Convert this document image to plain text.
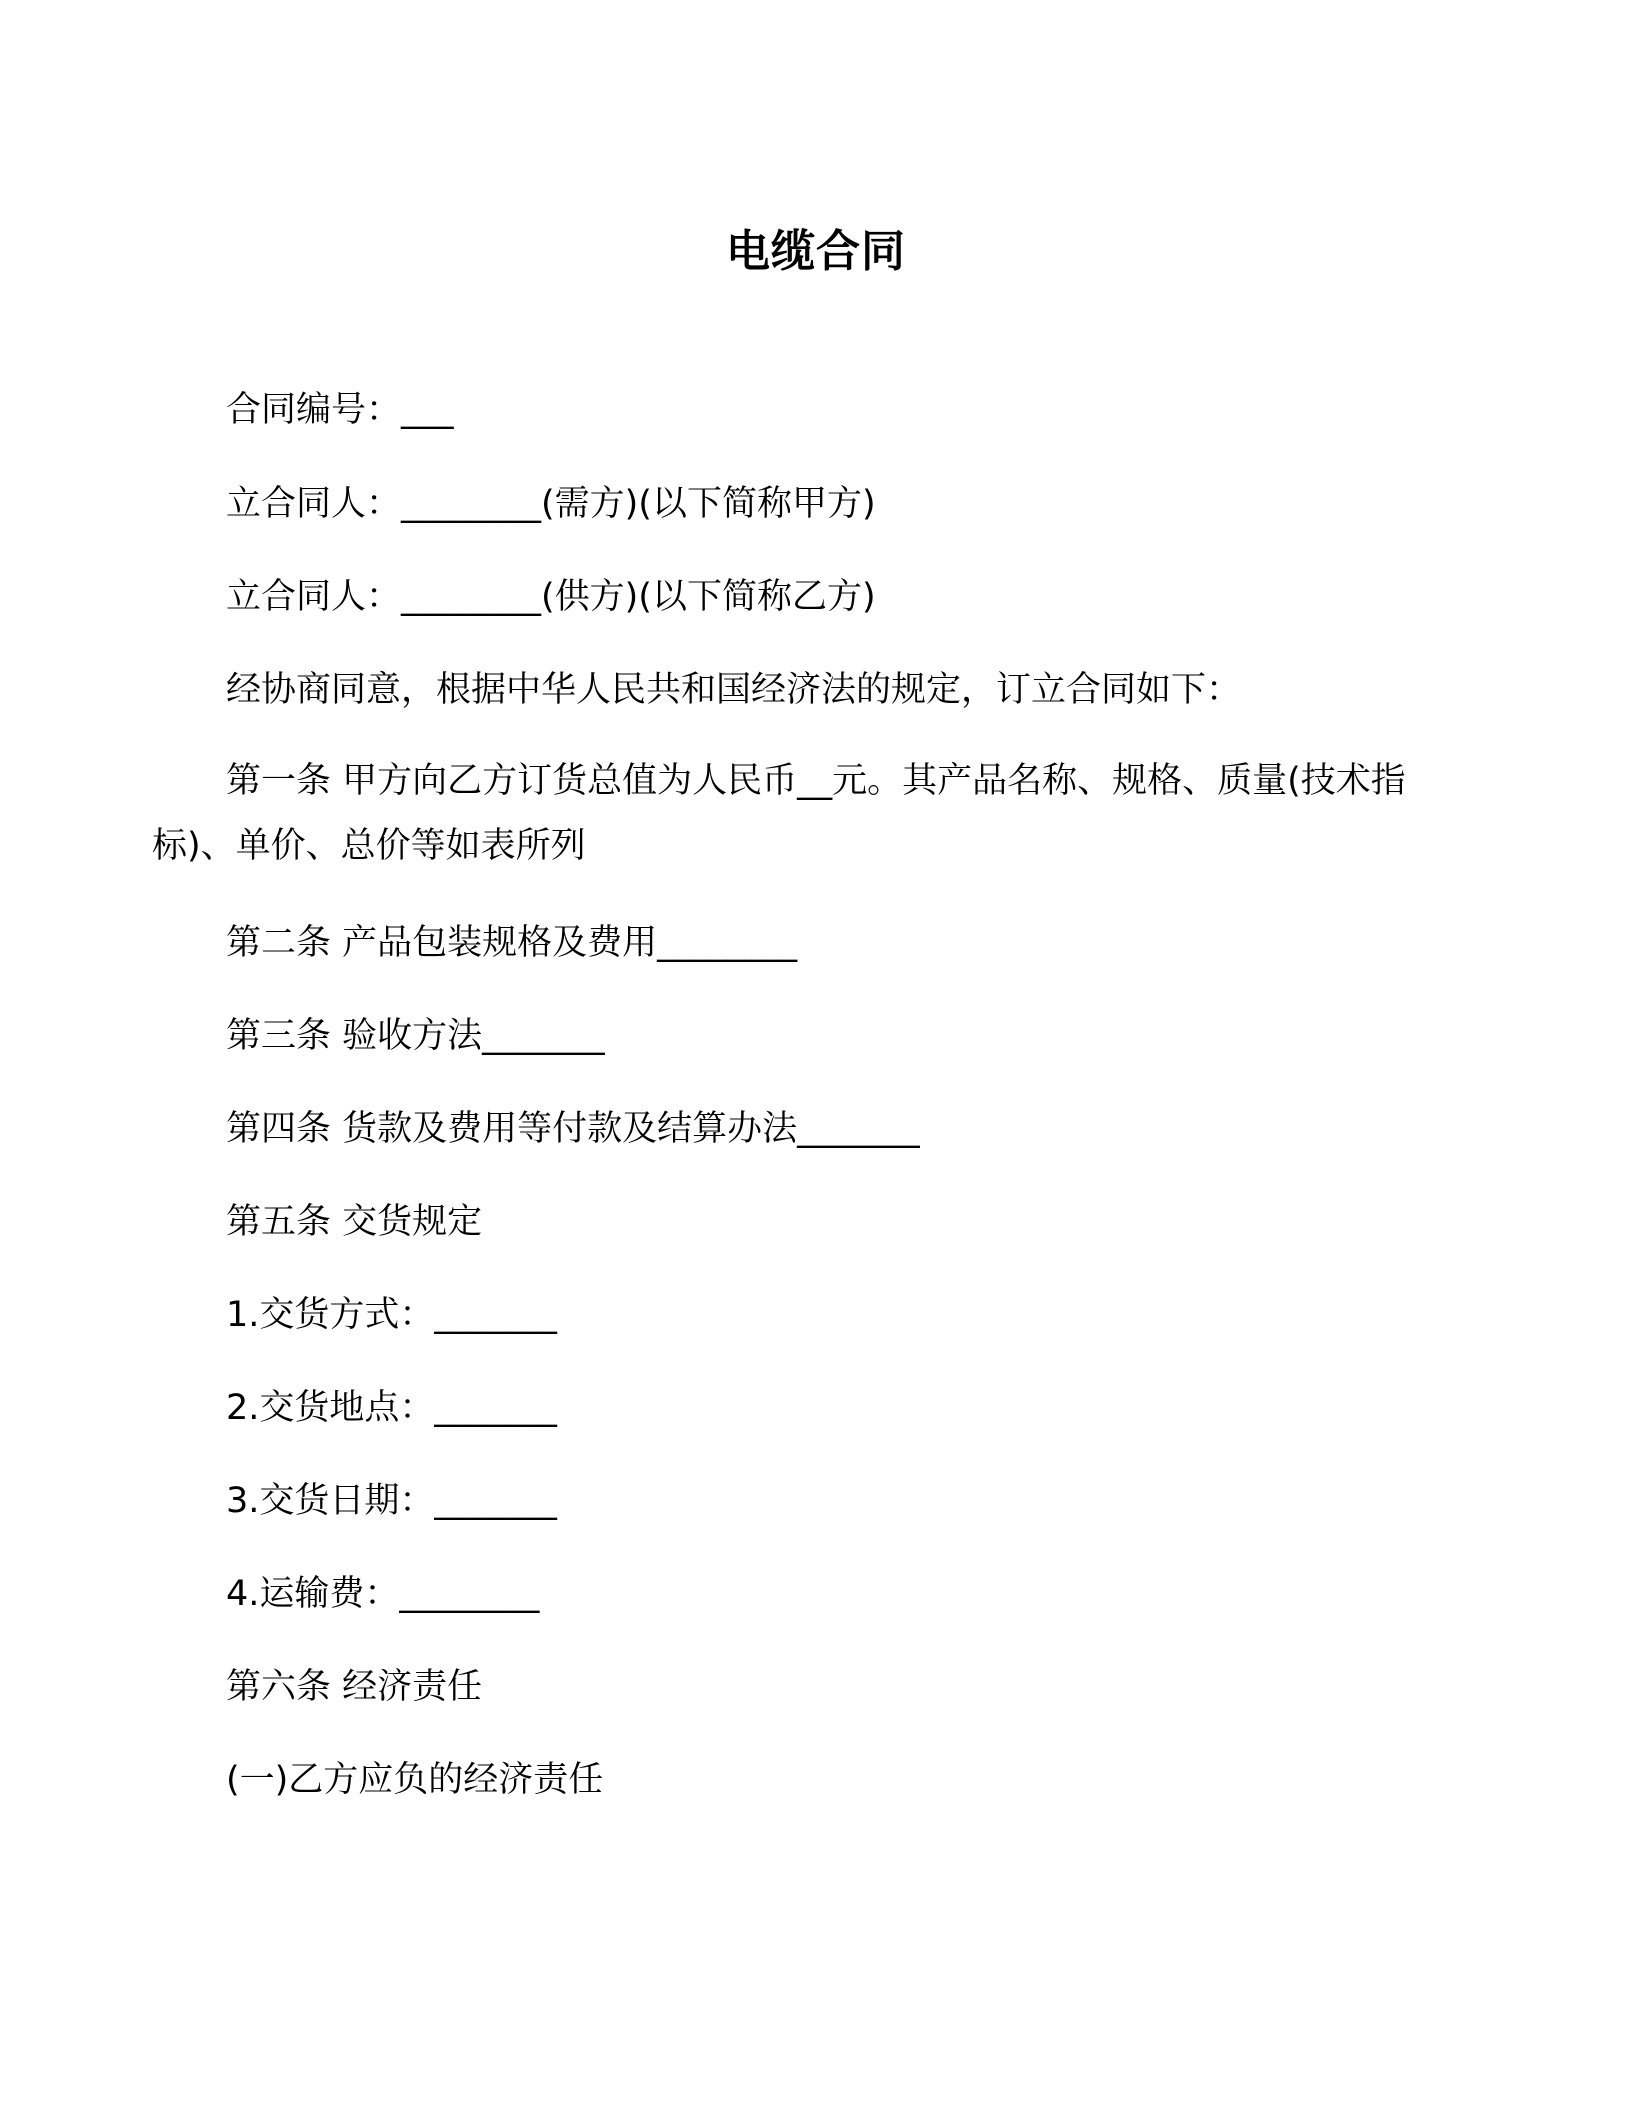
电缆合同
合同编号：___
立合同人：________(需方)(以下简称甲方)
立合同人：________(供方)(以下简称乙方)
经协商同意，根据中华人民共和国经济法的规定，订立合同如下：
第一条 甲方向乙方订货总值为人民币__元。其产品名称、规格、质量(技术指标)、单价、总价等如表所列
第二条 产品包装规格及费用________
第三条 验收方法_______
第四条 货款及费用等付款及结算办法_______
第五条 交货规定
1.交货方式：_______
2.交货地点：_______
3.交货日期：_______
4.运输费：________
第六条 经济责任
(一)乙方应负的经济责任
